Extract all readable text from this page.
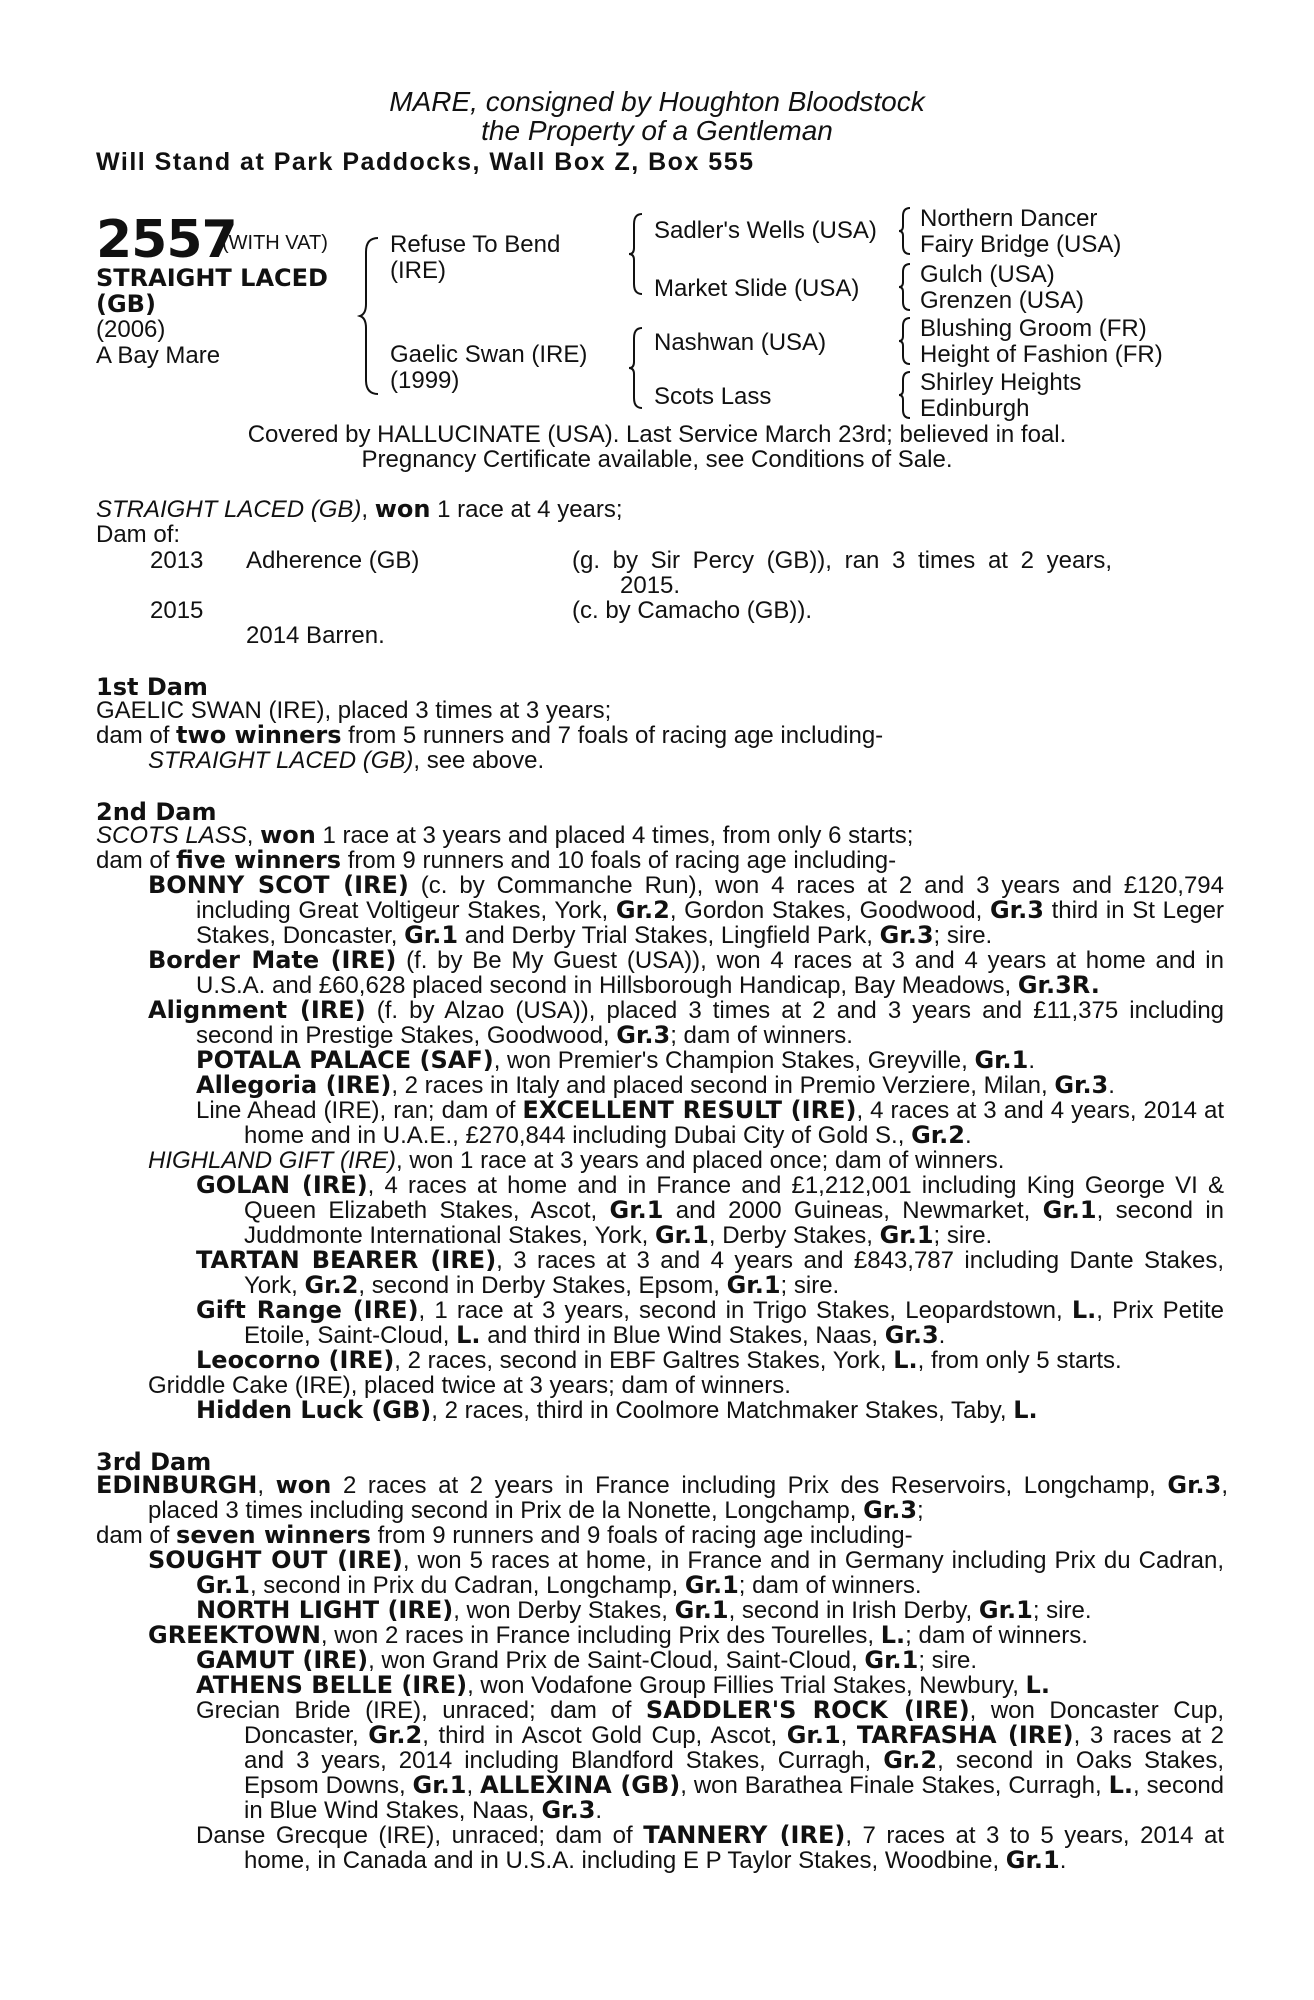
MARE, consigned by Houghton Bloodstock
the Property of a Gentleman
Will Stand at Park Paddocks, Wall Box Z, Box 555
2557
(WITH VAT)
STRAIGHT LACED
(GB)
(2006)
A Bay Mare
Refuse To Bend
(IRE)
Gaelic Swan (IRE)
(1999)
Sadler's Wells (USA)
Market Slide (USA)
Nashwan (USA)
Scots Lass
Northern Dancer
Fairy Bridge (USA)
Gulch (USA)
Grenzen (USA)
Blushing Groom (FR)
Height of Fashion (FR)
Shirley Heights
Edinburgh
Covered by HALLUCINATE (USA). Last Service March 23rd; believed in foal.
Pregnancy Certificate available, see Conditions of Sale.
STRAIGHT LACED (GB), won 1 race at 4 years;
Dam of:
2013 Adherence (GB)	(g. by Sir Percy (GB)), ran 3 times at 2 years,
2015.
2015	(c. by Camacho (GB)).
2014 Barren.
1st Dam
GAELIC SWAN (IRE), placed 3 times at 3 years;
dam of two winners from 5 runners and 7 foals of racing age including-
STRAIGHT LACED (GB), see above.
2nd Dam
SCOTS LASS, won 1 race at 3 years and placed 4 times, from only 6 starts;
dam of five winners from 9 runners and 10 foals of racing age including-
BONNY SCOT (IRE) (c. by Commanche Run), won 4 races at 2 and 3 years and £120,794 including Great Voltigeur Stakes, York, Gr.2, Gordon Stakes, Goodwood, Gr.3 third in St Leger Stakes, Doncaster, Gr.1 and Derby Trial Stakes, Lingfield Park, Gr.3; sire.
Border Mate (IRE) (f. by Be My Guest (USA)), won 4 races at 3 and 4 years at home and in U.S.A. and £60,628 placed second in Hillsborough Handicap, Bay Meadows, Gr.3R.
Alignment (IRE) (f. by Alzao (USA)), placed 3 times at 2 and 3 years and £11,375 including second in Prestige Stakes, Goodwood, Gr.3; dam of winners.
POTALA PALACE (SAF), won Premier's Champion Stakes, Greyville, Gr.1.
Allegoria (IRE), 2 races in Italy and placed second in Premio Verziere, Milan, Gr.3.
Line Ahead (IRE), ran; dam of EXCELLENT RESULT (IRE), 4 races at 3 and 4 years, 2014 at home and in U.A.E., £270,844 including Dubai City of Gold S., Gr.2.
HIGHLAND GIFT (IRE), won 1 race at 3 years and placed once; dam of winners.
GOLAN (IRE), 4 races at home and in France and £1,212,001 including King George VI & Queen Elizabeth Stakes, Ascot, Gr.1 and 2000 Guineas, Newmarket, Gr.1, second in Juddmonte International Stakes, York, Gr.1, Derby Stakes, Gr.1; sire.
TARTAN BEARER (IRE), 3 races at 3 and 4 years and £843,787 including Dante Stakes, York, Gr.2, second in Derby Stakes, Epsom, Gr.1; sire.
Gift Range (IRE), 1 race at 3 years, second in Trigo Stakes, Leopardstown, L., Prix Petite Etoile, Saint-Cloud, L. and third in Blue Wind Stakes, Naas, Gr.3.
Leocorno (IRE), 2 races, second in EBF Galtres Stakes, York, L., from only 5 starts.
Griddle Cake (IRE), placed twice at 3 years; dam of winners.
Hidden Luck (GB), 2 races, third in Coolmore Matchmaker Stakes, Taby, L.
3rd Dam
EDINBURGH, won 2 races at 2 years in France including Prix des Reservoirs, Longchamp, Gr.3, placed 3 times including second in Prix de la Nonette, Longchamp, Gr.3;
dam of seven winners from 9 runners and 9 foals of racing age including-
SOUGHT OUT (IRE), won 5 races at home, in France and in Germany including Prix du Cadran, Gr.1, second in Prix du Cadran, Longchamp, Gr.1; dam of winners.
NORTH LIGHT (IRE), won Derby Stakes, Gr.1, second in Irish Derby, Gr.1; sire.
GREEKTOWN, won 2 races in France including Prix des Tourelles, L.; dam of winners.
GAMUT (IRE), won Grand Prix de Saint-Cloud, Saint-Cloud, Gr.1; sire.
ATHENS BELLE (IRE), won Vodafone Group Fillies Trial Stakes, Newbury, L.
Grecian Bride (IRE), unraced; dam of SADDLER'S ROCK (IRE), won Doncaster Cup, Doncaster, Gr.2, third in Ascot Gold Cup, Ascot, Gr.1, TARFASHA (IRE), 3 races at 2 and 3 years, 2014 including Blandford Stakes, Curragh, Gr.2, second in Oaks Stakes, Epsom Downs, Gr.1, ALLEXINA (GB), won Barathea Finale Stakes, Curragh, L., second in Blue Wind Stakes, Naas, Gr.3.
Danse Grecque (IRE), unraced; dam of TANNERY (IRE), 7 races at 3 to 5 years, 2014 at home, in Canada and in U.S.A. including E P Taylor Stakes, Woodbine, Gr.1.
